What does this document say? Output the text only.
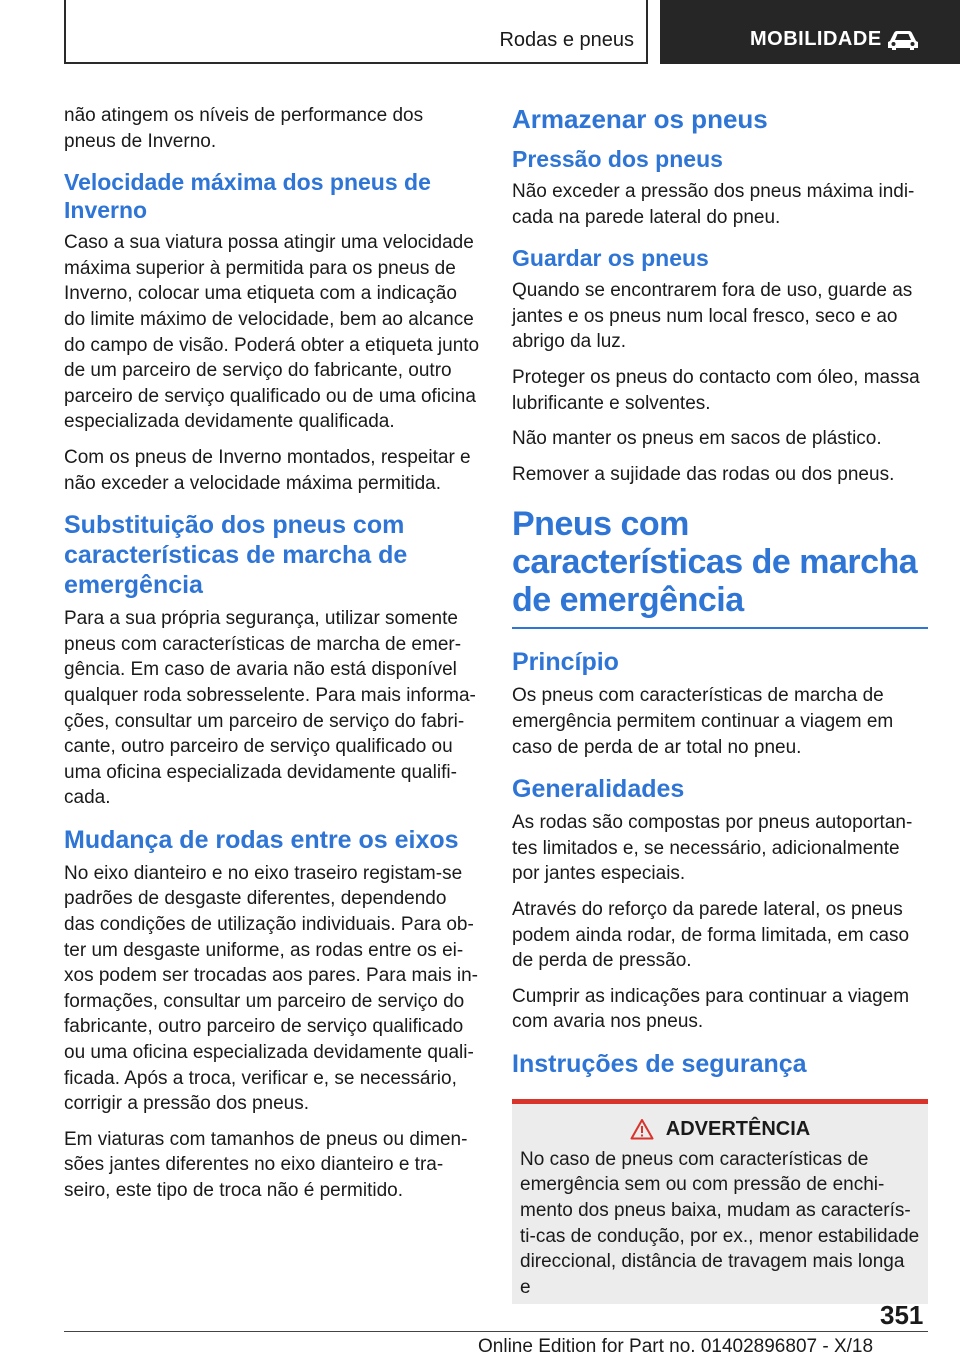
Rodas e pneus	MOBILIDADE

não atingem os níveis de performance dos pneus de Inverno.

Velocidade máxima dos pneus de Inverno

Caso a sua viatura possa atingir uma velocidade máxima superior à permitida para os pneus de Inverno, colocar uma etiqueta com a indicação do limite máximo de velocidade, bem ao alcance do campo de visão. Poderá obter a etiqueta junto de um parceiro de serviço do fabricante, outro parceiro de serviço qualificado ou de uma oficina especializada devidamente qualificada.

Com os pneus de Inverno montados, respeitar e não exceder a velocidade máxima permitida.

Substituição dos pneus com características de marcha de emergência

Para a sua própria segurança, utilizar somente pneus com características de marcha de emer-gência. Em caso de avaria não está disponível qualquer roda sobresselente. Para mais informa-ções, consultar um parceiro de serviço do fabri-cante, outro parceiro de serviço qualificado ou uma oficina especializada devidamente qualifi-cada.

Mudança de rodas entre os eixos

No eixo dianteiro e no eixo traseiro registam-se padrões de desgaste diferentes, dependendo das condições de utilização individuais. Para ob-ter um desgaste uniforme, as rodas entre os ei-xos podem ser trocadas aos pares. Para mais in-formações, consultar um parceiro de serviço do fabricante, outro parceiro de serviço qualificado ou uma oficina especializada devidamente quali-ficada. Após a troca, verificar e, se necessário, corrigir a pressão dos pneus.

Em viaturas com tamanhos de pneus ou dimen-sões jantes diferentes no eixo dianteiro e tra-seiro, este tipo de troca não é permitido.

Armazenar os pneus
Pressão dos pneus

Não exceder a pressão dos pneus máxima indi-cada na parede lateral do pneu.

Guardar os pneus

Quando se encontrarem fora de uso, guarde as jantes e os pneus num local fresco, seco e ao abrigo da luz.

Proteger os pneus do contacto com óleo, massa lubrificante e solventes.

Não manter os pneus em sacos de plástico.

Remover a sujidade das rodas ou dos pneus.

Pneus com características de marcha de emergência
Princípio

Os pneus com características de marcha de emergência permitem continuar a viagem em caso de perda de ar total no pneu.

Generalidades

As rodas são compostas por pneus autoportan-tes limitados e, se necessário, adicionalmente por jantes especiais.

Através do reforço da parede lateral, os pneus podem ainda rodar, de forma limitada, em caso de perda de pressão.

Cumprir as indicações para continuar a viagem com avaria nos pneus.

Instruções de segurança
ADVERTÊNCIA

No caso de pneus com características de emergência sem ou com pressão de enchi-mento dos pneus baixa, mudam as característi-cas de condução, por ex., menor estabilidade direccional, distância de travagem mais longa e

351
Online Edition for Part no. 01402896807 - X/18
